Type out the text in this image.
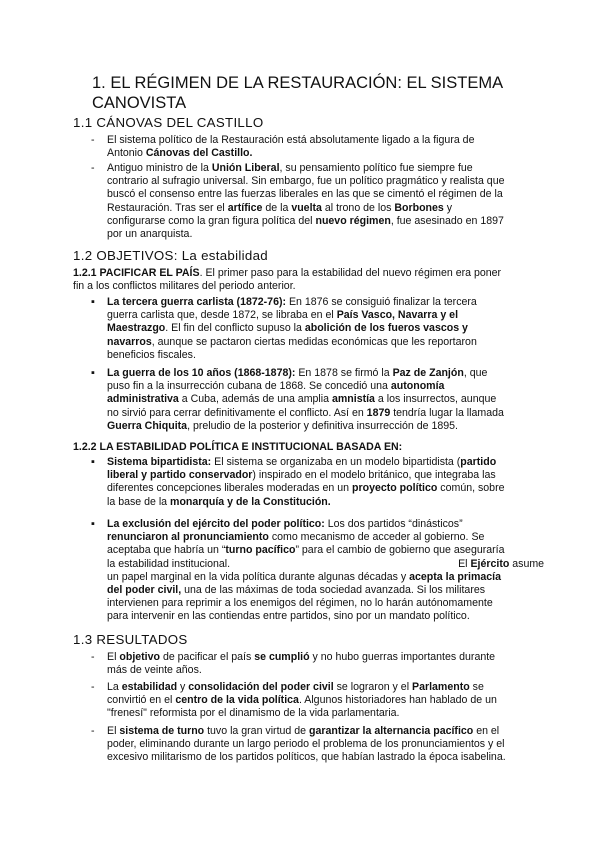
1. EL RÉGIMEN DE LA RESTAURACIÓN: EL SISTEMA
CANOVISTA
1.1 CÁNOVAS DEL CASTILLO
- El sistema político de la Restauración está absolutamente ligado a la figura de
Antonio Cánovas del Castillo.
- Antiguo ministro de la Unión Liberal, su pensamiento político fue siempre fue
contrario al sufragio universal. Sin embargo, fue un político pragmático y realista que
buscó el consenso entre las fuerzas liberales en las que se cimentó el régimen de la
Restauración. Tras ser el artífice de la vuelta al trono de los Borbones y
configurarse como la gran figura política del nuevo régimen, fue asesinado en 1897
por un anarquista.
1.2 OBJETIVOS: La estabilidad
1.2.1 PACIFICAR EL PAÍS. El primer paso para la estabilidad del nuevo régimen era poner
fin a los conflictos militares del periodo anterior.
▪ La tercera guerra carlista (1872-76): En 1876 se consiguió finalizar la tercera
guerra carlista que, desde 1872, se libraba en el País Vasco, Navarra y el
Maestrazgo. El fin del conflicto supuso la abolición de los fueros vascos y
navarros, aunque se pactaron ciertas medidas económicas que les reportaron
beneficios fiscales.
▪ La guerra de los 10 años (1868-1878): En 1878 se firmó la Paz de Zanjón, que
puso fin a la insurrección cubana de 1868. Se concedió una autonomía
administrativa a Cuba, además de una amplia amnistía a los insurrectos, aunque
no sirvió para cerrar definitivamente el conflicto. Así en 1879 tendría lugar la llamada
Guerra Chiquita, preludio de la posterior y definitiva insurrección de 1895.
1.2.2 LA ESTABILIDAD POLÍTICA E INSTITUCIONAL BASADA EN:
▪ Sistema bipartidista: El sistema se organizaba en un modelo bipartidista (partido
liberal y partido conservador) inspirado en el modelo británico, que integraba las
diferentes concepciones liberales moderadas en un proyecto político común, sobre
la base de la monarquía y de la Constitución.
▪ La exclusión del ejército del poder político: Los dos partidos “dinásticos”
renunciaron al pronunciamiento como mecanismo de acceder al gobierno. Se
aceptaba que habría un “turno pacífico” para el cambio de gobierno que aseguraría
la estabilidad institucional.	El Ejército asume
un papel marginal en la vida política durante algunas décadas y acepta la primacía
del poder civil, una de las máximas de toda sociedad avanzada. Si los militares
intervienen para reprimir a los enemigos del régimen, no lo harán autónomamente
para intervenir en las contiendas entre partidos, sino por un mandato político.
1.3 RESULTADOS
- El objetivo de pacificar el país se cumplió y no hubo guerras importantes durante
más de veinte años.
- La estabilidad y consolidación del poder civil se lograron y el Parlamento se
convirtió en el centro de la vida política. Algunos historiadores han hablado de un
"frenesí" reformista por el dinamismo de la vida parlamentaria.
- El sistema de turno tuvo la gran virtud de garantizar la alternancia pacífico en el
poder, eliminando durante un largo periodo el problema de los pronunciamientos y el
excesivo militarismo de los partidos políticos, que habían lastrado la época isabelina.
